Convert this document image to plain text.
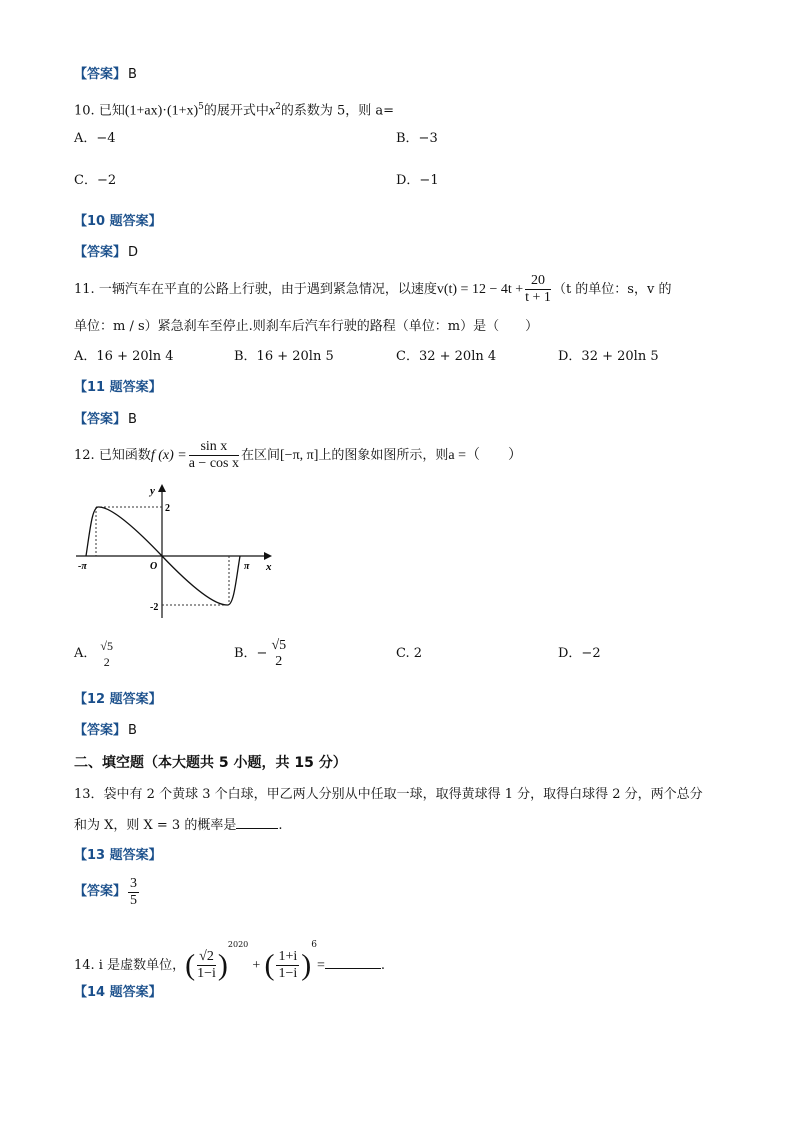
【答案】 B
10. 已知$(1+ax)\cdot(1+x)^5$的展开式中$x^2$的系数为 5，则 a=
A．−4	B．−3
C．−2	D．−1
【10 题答案】
【答案】 D
11. 一辆汽车在平直的公路上行驶，由于遇到紧急情况，以速度$v(t) = 12 - 4t + \frac{20}{t + 1} (t$ 的单位：s，v 的
单位：m / s）紧急刹车至停止.则刹车后汽车行驶的路程（单位：m）是（　　）
A．16 + 20ln 4	B．16 + 20ln 5	C．32 + 20ln 4	D．32 + 20ln 5
【11 题答案】
【答案】 B
12. 已知函数f $(x) = \frac{\text{sin x}}{\text{a − cos x}}$ 在区间[−π, π]上的图象如图所示，则a =（　　）
y
x
O
2
-2
-π	π
A．
√5
2
B．−
√5
2	C. 2	D．−2
【12 题答案】
【答案】 B
二、填空题（本大题共 5 小题，共 15 分）
13．袋中有 2 个黄球 3 个白球，甲乙两人分别从中任取一球，取得黄球得 1 分，取得白球得 2 分，两个总分
和为 X，则 X = 3 的概率是	.
【13 题答案】
【答案】 $\frac{3}{5}$
14. i 是虚数单位，( $\frac{√2}{1-i} )^{2020}$ + ( $\frac{1+i}{1-i} )^6=$	.
【14 题答案】
